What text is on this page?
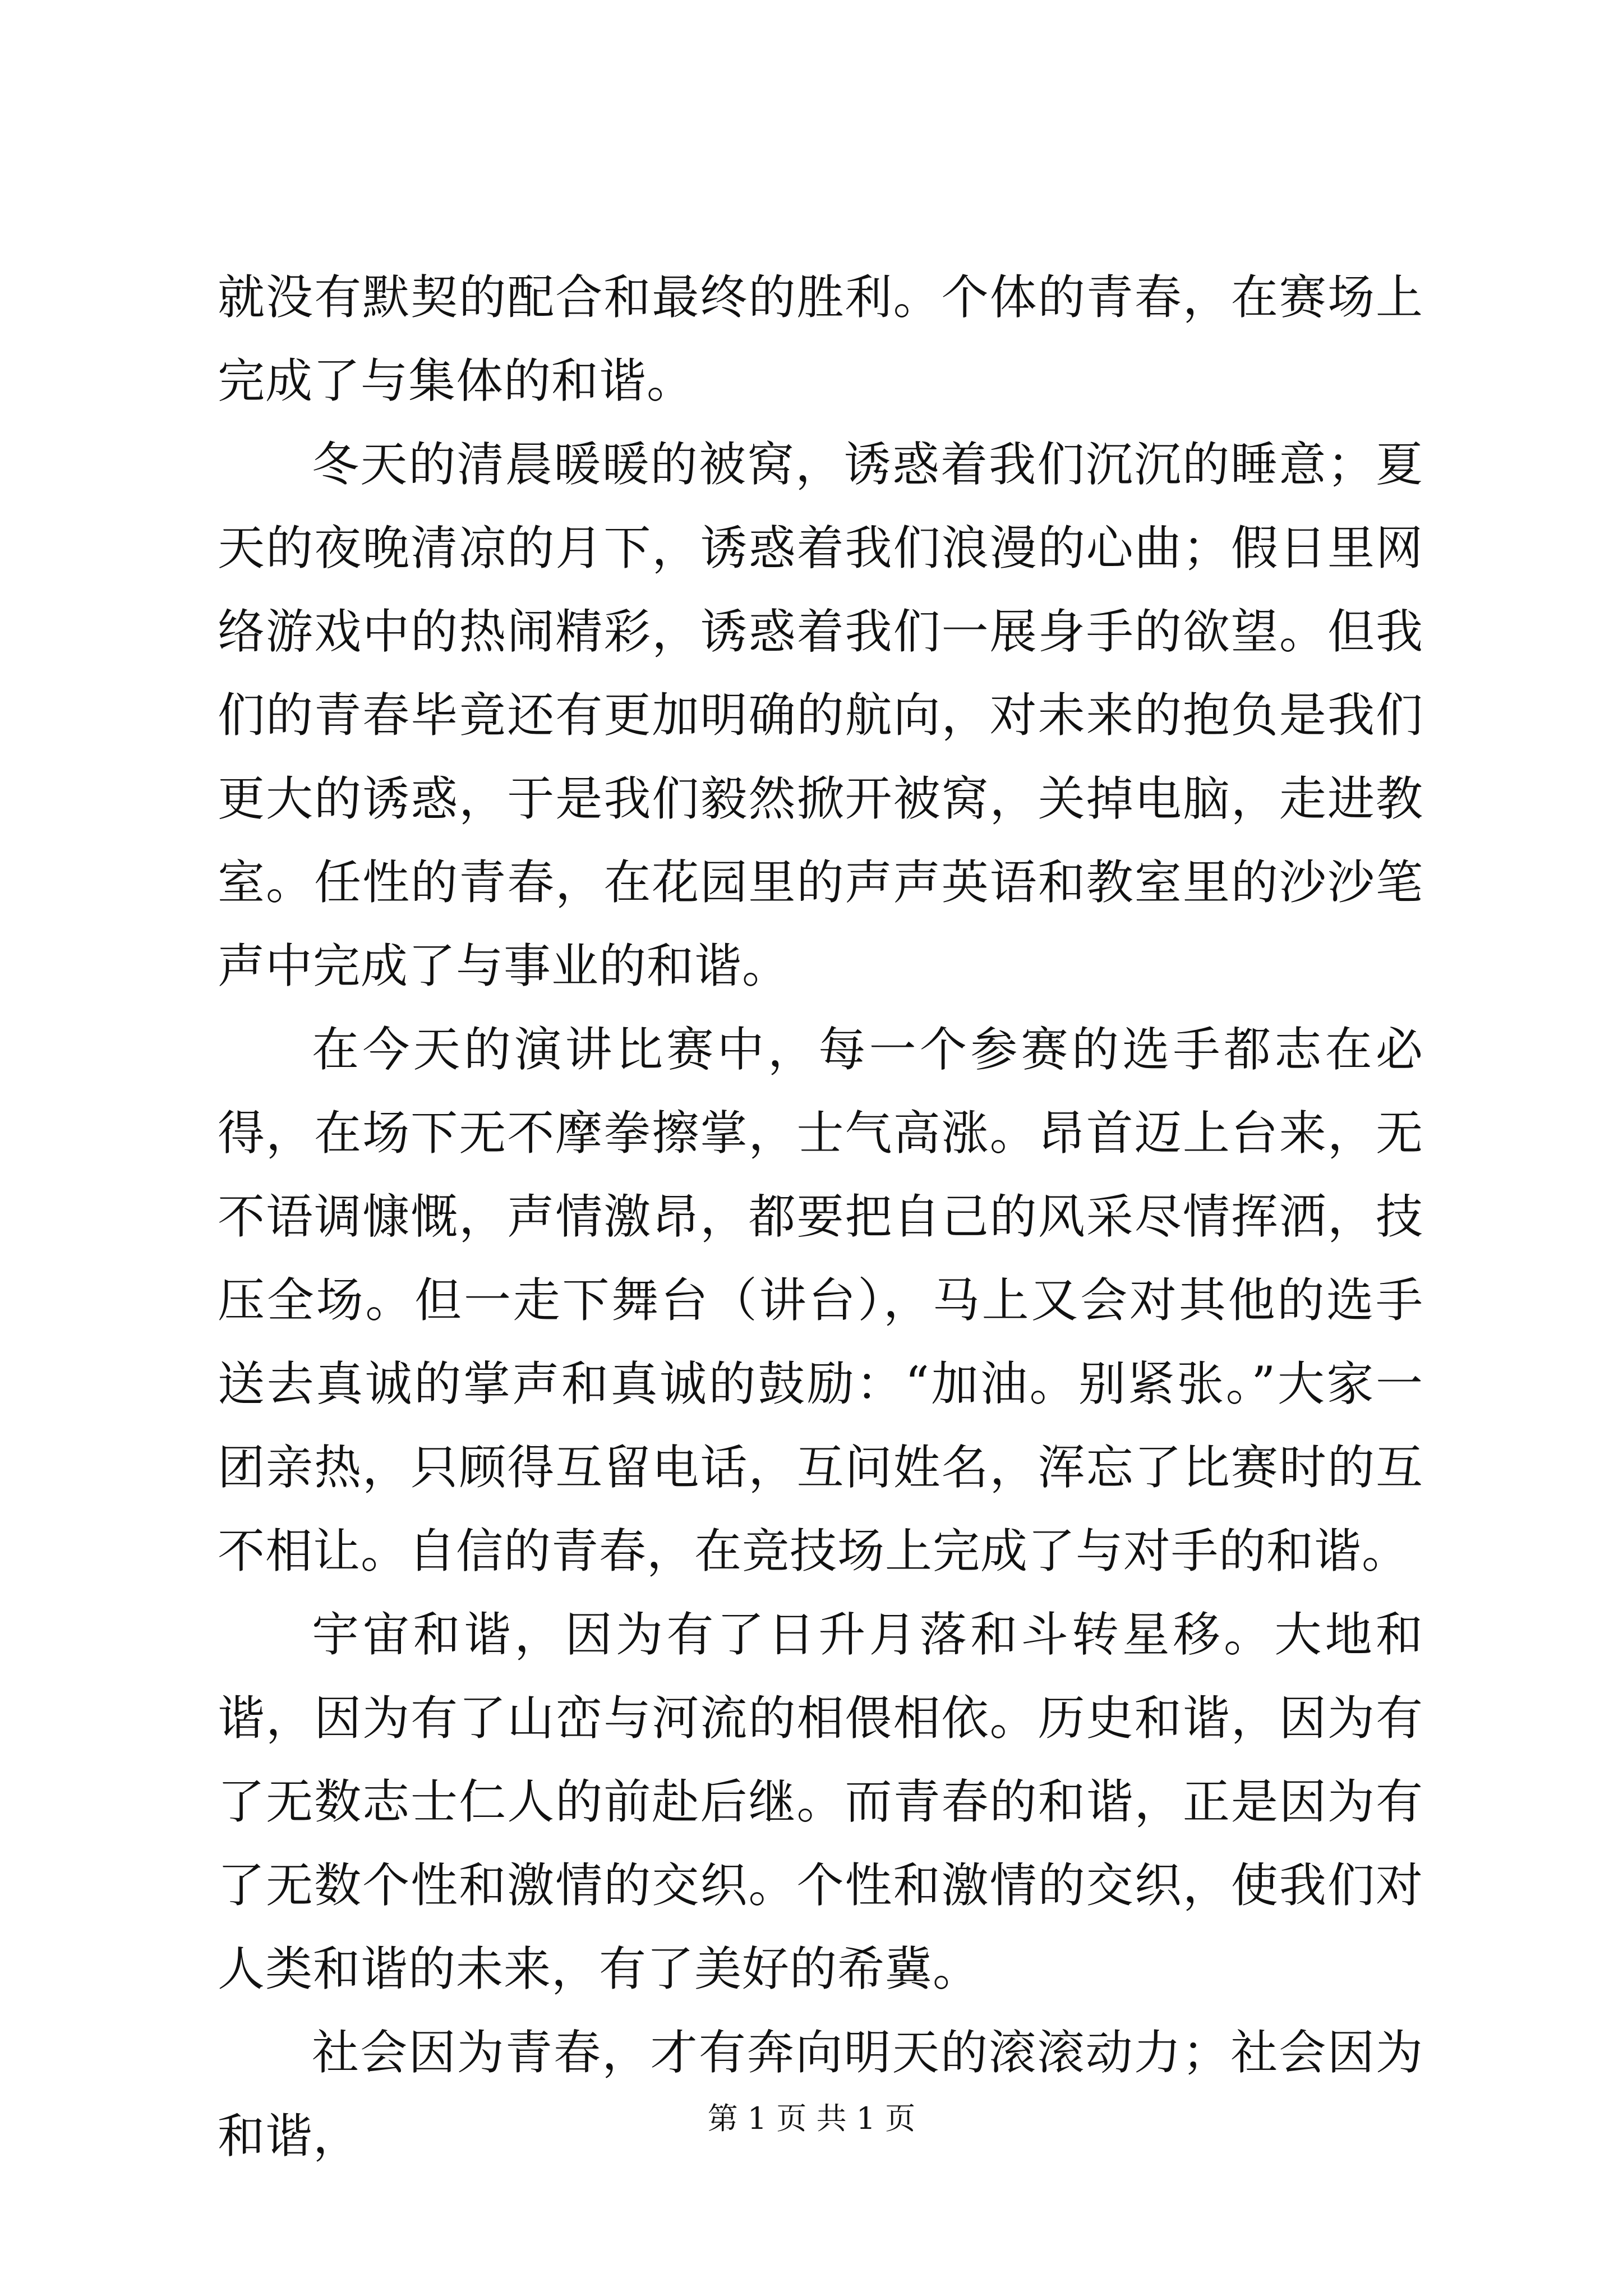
就没有默契的配合和最终的胜利。个体的青春，在赛场上完成了与集体的和谐。

冬天的清晨暖暖的被窝，诱惑着我们沉沉的睡意；夏天的夜晚清凉的月下，诱惑着我们浪漫的心曲；假日里网络游戏中的热闹精彩，诱惑着我们一展身手的欲望。但我们的青春毕竟还有更加明确的航向，对未来的抱负是我们更大的诱惑，于是我们毅然掀开被窝，关掉电脑，走进教室。任性的青春，在花园里的声声英语和教室里的沙沙笔声中完成了与事业的和谐。

在今天的演讲比赛中，每一个参赛的选手都志在必得，在场下无不摩拳擦掌，士气高涨。昂首迈上台来，无不语调慷慨，声情激昂，都要把自己的风采尽情挥洒，技压全场。但一走下舞台（讲台），马上又会对其他的选手送去真诚的掌声和真诚的鼓励：“加油。别紧张。”大家一团亲热，只顾得互留电话，互问姓名，浑忘了比赛时的互不相让。自信的青春，在竞技场上完成了与对手的和谐。

宇宙和谐，因为有了日升月落和斗转星移。大地和谐，因为有了山峦与河流的相偎相依。历史和谐，因为有了无数志士仁人的前赴后继。而青春的和谐，正是因为有了无数个性和激情的交织。个性和激情的交织，使我们对人类和谐的未来，有了美好的希冀。

社会因为青春，才有奔向明天的滚滚动力；社会因为和谐，	第 1 页 共 1 页
